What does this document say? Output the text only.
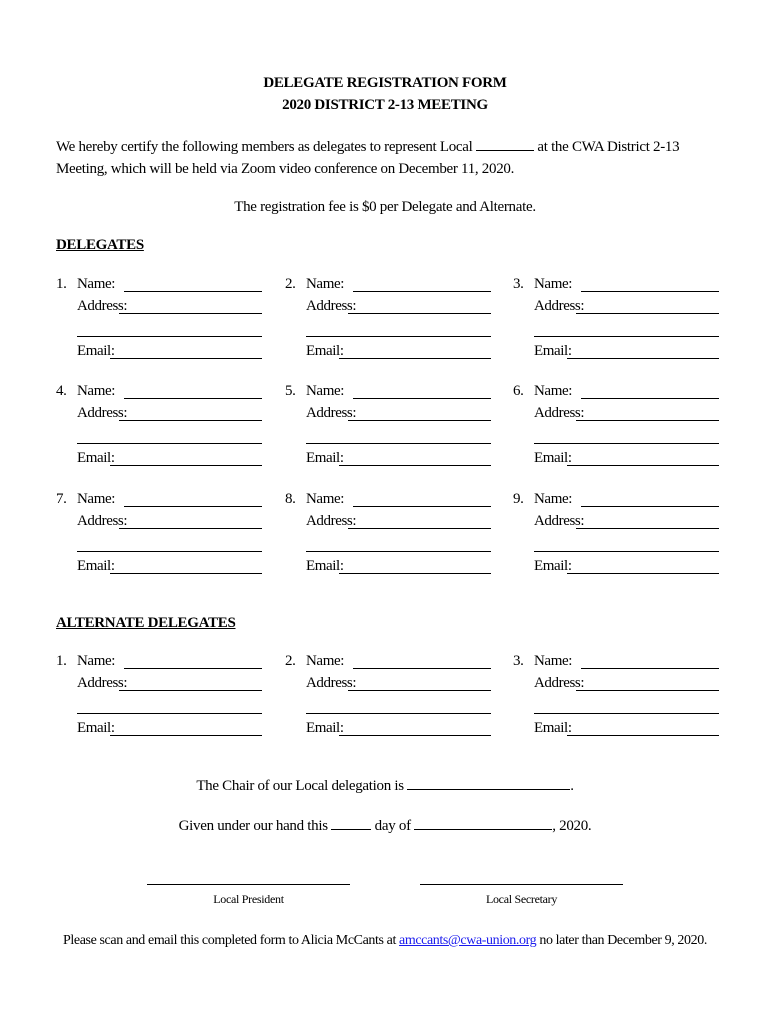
DELEGATE REGISTRATION FORM
2020 DISTRICT 2-13 MEETING
We hereby certify the following members as delegates to represent Local	at the CWA District 2-13 Meeting, which will be held via Zoom video conference on December 11, 2020.
The registration fee is $0 per Delegate and Alternate.
DELEGATES
1. Name:
Address:
Email:
2. Name:
Address:
Email:
3. Name:
Address:
Email:
4. Name:
Address:
Email:
5. Name:
Address:
Email:
6. Name:
Address:
Email:
7. Name:
Address:
Email:
8. Name:
Address:
Email:
9. Name:
Address:
Email:
ALTERNATE DELEGATES
1. Name:
Address:
Email:
2. Name:
Address:
Email:
3. Name:
Address:
Email:
The Chair of our Local delegation is	.
Given under our hand this	day of	, 2020.
Local President	Local Secretary
Please scan and email this completed form to Alicia McCants at amccants@cwa-union.org no later than December 9, 2020.
